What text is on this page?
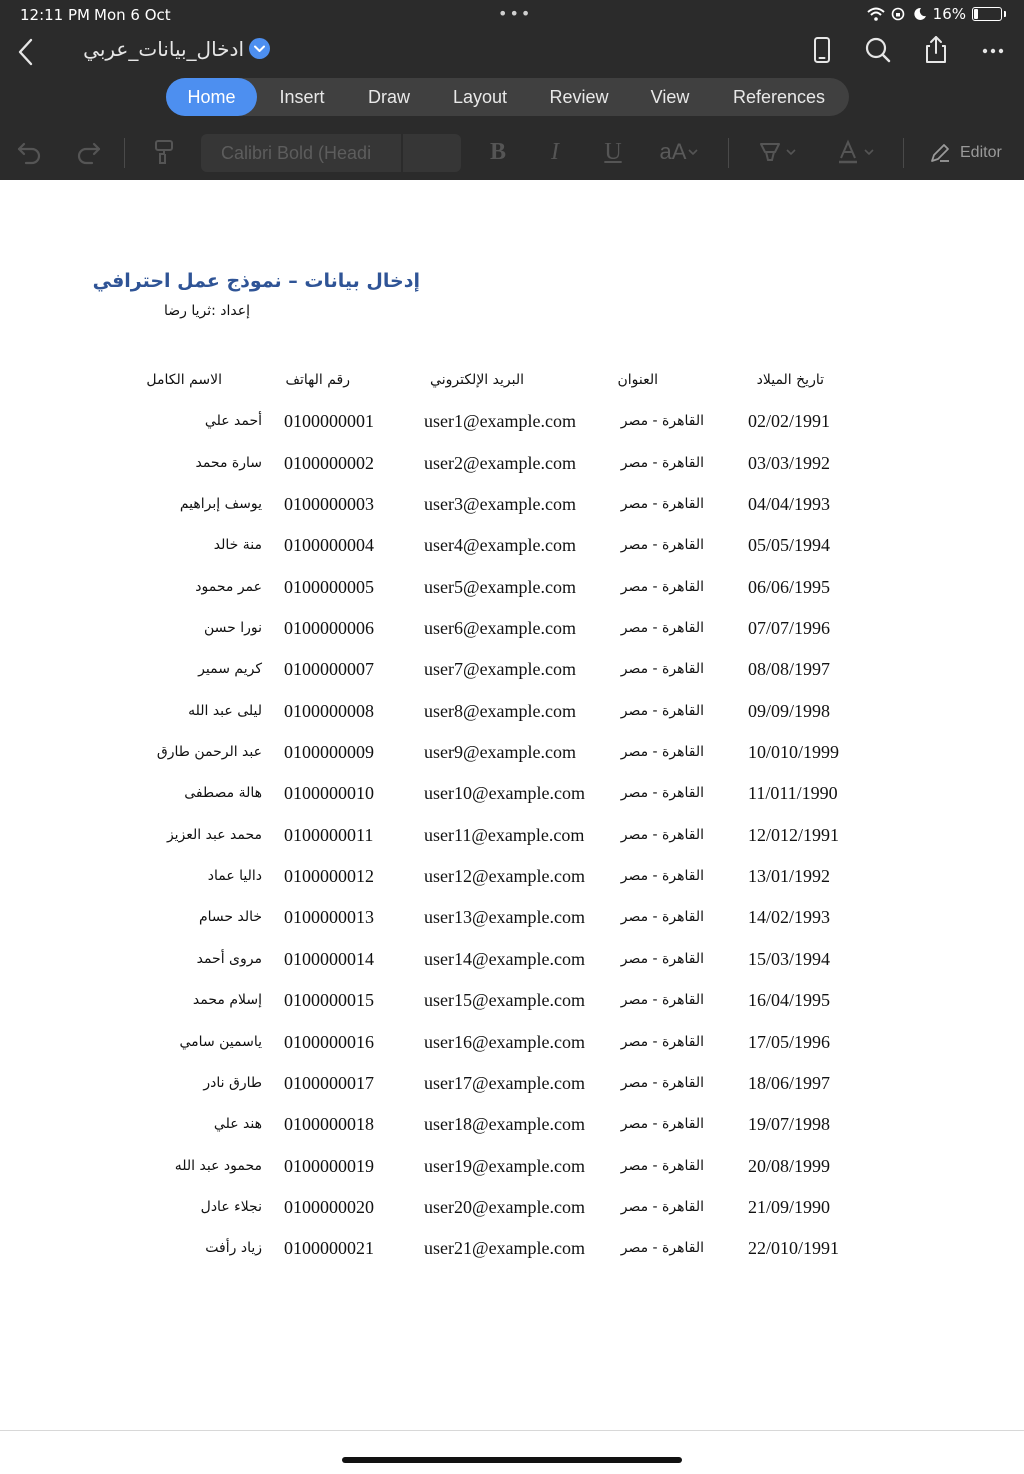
12:11 PM Mon 6 Oct	•••	16%
ادخال_بيانات_عربي
Home	Insert	Draw	Layout	Review	View	References
Calibri Bold (Headi	B	I	U aA	Editor
إدخال بيانات – نموذج عمل احترافي
إعداد :ثريا رضا
الاسم الكامل	رقم الهاتف	البريد الإلكتروني	العنوان	تاريخ الميلاد
أحمد علي 0100000001	user1@example.com	القاهرة - مصر 02/02/1991
سارة محمد 0100000002	user2@example.com	القاهرة - مصر 03/03/1992
يوسف إبراهيم 0100000003	user3@example.com	القاهرة - مصر 04/04/1993
منة خالد 0100000004	user4@example.com	القاهرة - مصر 05/05/1994
عمر محمود 0100000005	user5@example.com	القاهرة - مصر 06/06/1995
نورا حسن 0100000006	user6@example.com	القاهرة - مصر 07/07/1996
كريم سمير 0100000007	user7@example.com	القاهرة - مصر 08/08/1997
ليلى عبد الله 0100000008	user8@example.com	القاهرة - مصر 09/09/1998
عبد الرحمن طارق 0100000009	user9@example.com	القاهرة - مصر 10/010/1999
هالة مصطفى 0100000010	user10@example.com	القاهرة - مصر 11/011/1990
محمد عبد العزيز 0100000011	user11@example.com	القاهرة - مصر 12/012/1991
داليا عماد 0100000012	user12@example.com	القاهرة - مصر 13/01/1992
خالد حسام 0100000013	user13@example.com	القاهرة - مصر 14/02/1993
مروى أحمد 0100000014	user14@example.com	القاهرة - مصر 15/03/1994
إسلام محمد 0100000015	user15@example.com	القاهرة - مصر 16/04/1995
ياسمين سامي 0100000016	user16@example.com	القاهرة - مصر 17/05/1996
طارق نادر 0100000017	user17@example.com	القاهرة - مصر 18/06/1997
هند علي 0100000018	user18@example.com	القاهرة - مصر 19/07/1998
محمود عبد الله 0100000019	user19@example.com	القاهرة - مصر 20/08/1999
نجلاء عادل 0100000020	user20@example.com	القاهرة - مصر 21/09/1990
زياد رأفت 0100000021	user21@example.com	القاهرة - مصر 22/010/1991
